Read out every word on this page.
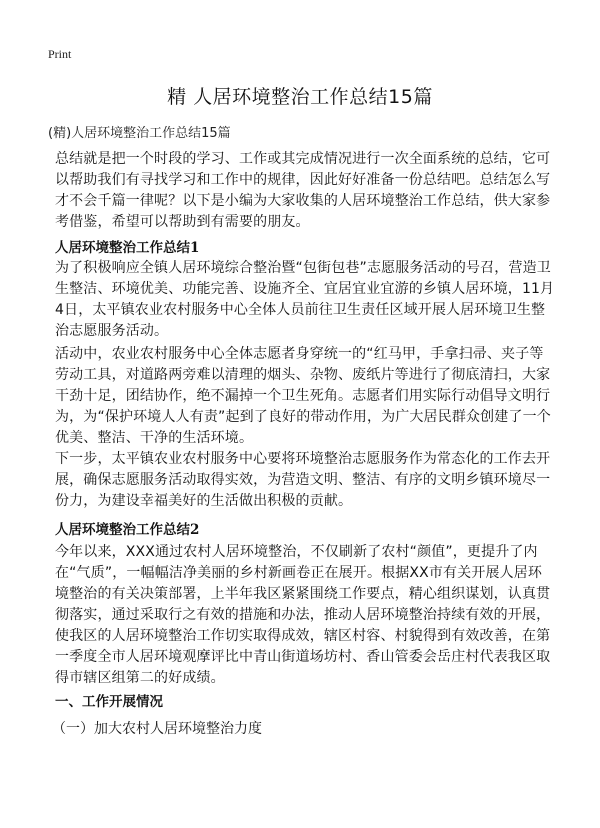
Print
精 人居环境整治工作总结15篇
(精)人居环境整治工作总结15篇

总结就是把一个时段的学习、工作或其完成情况进行一次全面系统的总结，它可以帮助我们有寻找学习和工作中的规律，因此好好准备一份总结吧。总结怎么写才不会千篇一律呢？以下是小编为大家收集的人居环境整治工作总结，供大家参考借鉴，希望可以帮助到有需要的朋友。

人居环境整治工作总结1

为了积极响应全镇人居环境综合整治暨“包街包巷”志愿服务活动的号召，营造卫生整洁、环境优美、功能完善、设施齐全、宜居宜业宜游的乡镇人居环境，11月4日，太平镇农业农村服务中心全体人员前往卫生责任区域开展人居环境卫生整治志愿服务活动。

活动中，农业农村服务中心全体志愿者身穿统一的“红马甲，手拿扫帚、夹子等劳动工具，对道路两旁难以清理的烟头、杂物、废纸片等进行了彻底清扫，大家干劲十足，团结协作，绝不漏掉一个卫生死角。志愿者们用实际行动倡导文明行为，为“保护环境人人有责”起到了良好的带动作用，为广大居民群众创建了一个优美、整洁、干净的生活环境。

下一步，太平镇农业农村服务中心要将环境整治志愿服务作为常态化的工作去开展，确保志愿服务活动取得实效，为营造文明、整洁、有序的文明乡镇环境尽一份力，为建设幸福美好的生活做出积极的贡献。

人居环境整治工作总结2

今年以来，XXX通过农村人居环境整治，不仅刷新了农村“颜值”，更提升了内在“气质”，一幅幅洁净美丽的乡村新画卷正在展开。根据XX市有关开展人居环境整治的有关决策部署，上半年我区紧紧围绕工作要点，精心组织谋划，认真贯彻落实，通过采取行之有效的措施和办法，推动人居环境整治持续有效的开展，使我区的人居环境整治工作切实取得成效，辖区村容、村貌得到有效改善，在第一季度全市人居环境观摩评比中青山街道场坊村、香山管委会岳庄村代表我区取得市辖区组第二的好成绩。

一、工作开展情况

（一）加大农村人居环境整治力度
